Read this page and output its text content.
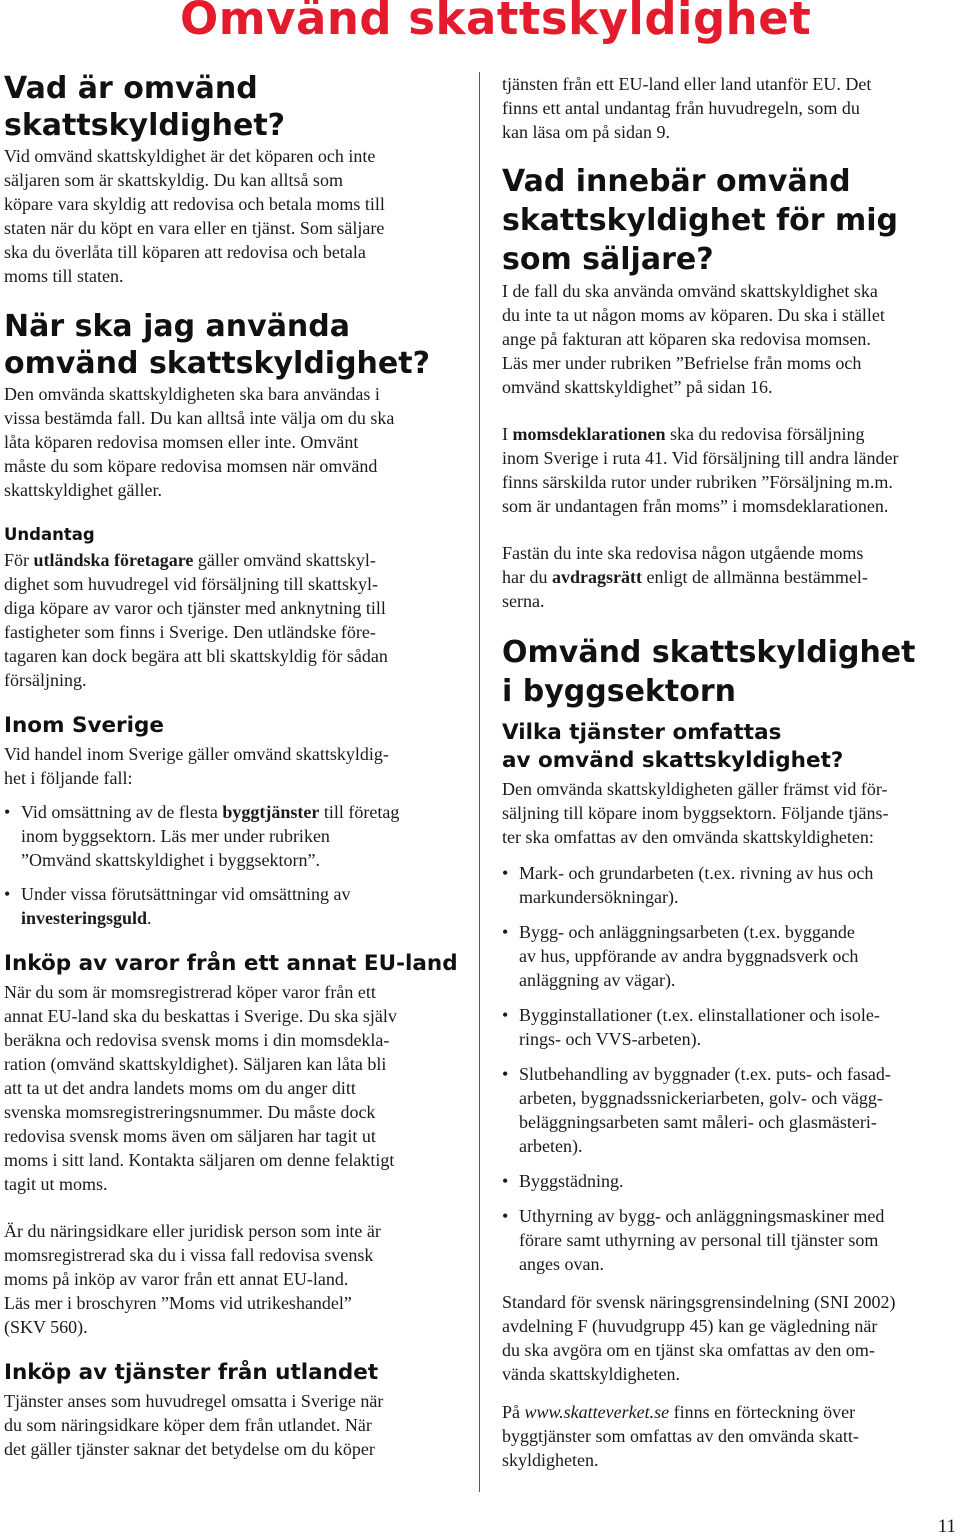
Omvänd skattskyldighet
Vad är omvänd
skattskyldighet?

Vid omvänd skattskyldighet är det köparen och inte
säljaren som är skattskyldig. Du kan alltså som
köpare vara skyldig att redovisa och betala moms till
staten när du köpt en vara eller en tjänst. Som säljare
ska du överlåta till köparen att redovisa och betala
moms till staten.

När ska jag använda
omvänd skattskyldighet?

Den omvända skattskyldigheten ska bara användas i
vissa bestämda fall. Du kan alltså inte välja om du ska
låta köparen redovisa momsen eller inte. Omvänt
måste du som köpare redovisa momsen när omvänd
skattskyldighet gäller.

Undantag

För utländska företagare gäller omvänd skattskyl-
dighet som huvudregel vid försäljning till skattskyl-
diga köpare av varor och tjänster med anknytning till
fastigheter som finns i Sverige. Den utländske före-
tagaren kan dock begära att bli skattskyldig för sådan
försäljning.

Inom Sverige

Vid handel inom Sverige gäller omvänd skattskyldig-
het i följande fall:

• Vid omsättning av de flesta byggtjänster till företag
inom byggsektorn. Läs mer under rubriken
”Omvänd skattskyldighet i byggsektorn”.
• Under vissa förutsättningar vid omsättning av
investeringsguld.
Inköp av varor från ett annat EU-land

När du som är momsregistrerad köper varor från ett
annat EU-land ska du beskattas i Sverige. Du ska själv
beräkna och redovisa svensk moms i din momsdekla-
ration (omvänd skattskyldighet). Säljaren kan låta bli
att ta ut det andra landets moms om du anger ditt
svenska momsregistreringsnummer. Du måste dock
redovisa svensk moms även om säljaren har tagit ut
moms i sitt land. Kontakta säljaren om denne felaktigt
tagit ut moms.

Är du näringsidkare eller juridisk person som inte är
momsregistrerad ska du i vissa fall redovisa svensk
moms på inköp av varor från ett annat EU-land.
Läs mer i broschyren ”Moms vid utrikeshandel”
(SKV 560).

Inköp av tjänster från utlandet

Tjänster anses som huvudregel omsatta i Sverige när
du som näringsidkare köper dem från utlandet. När
det gäller tjänster saknar det betydelse om du köper

tjänsten från ett EU-land eller land utanför EU. Det
finns ett antal undantag från huvudregeln, som du
kan läsa om på sidan 9.

Vad innebär omvänd
skattskyldighet för mig
som säljare?

I de fall du ska använda omvänd skattskyldighet ska
du inte ta ut någon moms av köparen. Du ska i stället
ange på fakturan att köparen ska redovisa momsen.
Läs mer under rubriken ”Befrielse från moms och
omvänd skattskyldighet” på sidan 16.

I momsdeklarationen ska du redovisa försäljning
inom Sverige i ruta 41. Vid försäljning till andra länder
finns särskilda rutor under rubriken ”Försäljning m.m.
som är undantagen från moms” i momsdeklarationen.

Fastän du inte ska redovisa någon utgående moms
har du avdragsrätt enligt de allmänna bestämmel-
serna.

Omvänd skattskyldighet
i byggsektorn
Vilka tjänster omfattas
av omvänd skattskyldighet?

Den omvända skattskyldigheten gäller främst vid för-
säljning till köpare inom byggsektorn. Följande tjäns-
ter ska omfattas av den omvända skattskyldigheten:

• Mark- och grundarbeten (t.ex. rivning av hus och
markundersökningar).
• Bygg- och anläggningsarbeten (t.ex. byggande
av hus, uppförande av andra byggnadsverk och
anläggning av vägar).
• Bygginstallationer (t.ex. elinstallationer och isole-
rings- och VVS-arbeten).
• Slutbehandling av byggnader (t.ex. puts- och fasad-
arbeten, byggnadssnickeriarbeten, golv- och vägg-
beläggningsarbeten samt måleri- och glasmästeri-
arbeten).
• Byggstädning.
• Uthyrning av bygg- och anläggningsmaskiner med
förare samt uthyrning av personal till tjänster som
anges ovan.

Standard för svensk näringsgrensindelning (SNI 2002)
avdelning F (huvudgrupp 45) kan ge vägledning när
du ska avgöra om en tjänst ska omfattas av den om-
vända skattskyldigheten.

På www.skatteverket.se finns en förteckning över
byggtjänster som omfattas av den omvända skatt-
skyldigheten.

11
